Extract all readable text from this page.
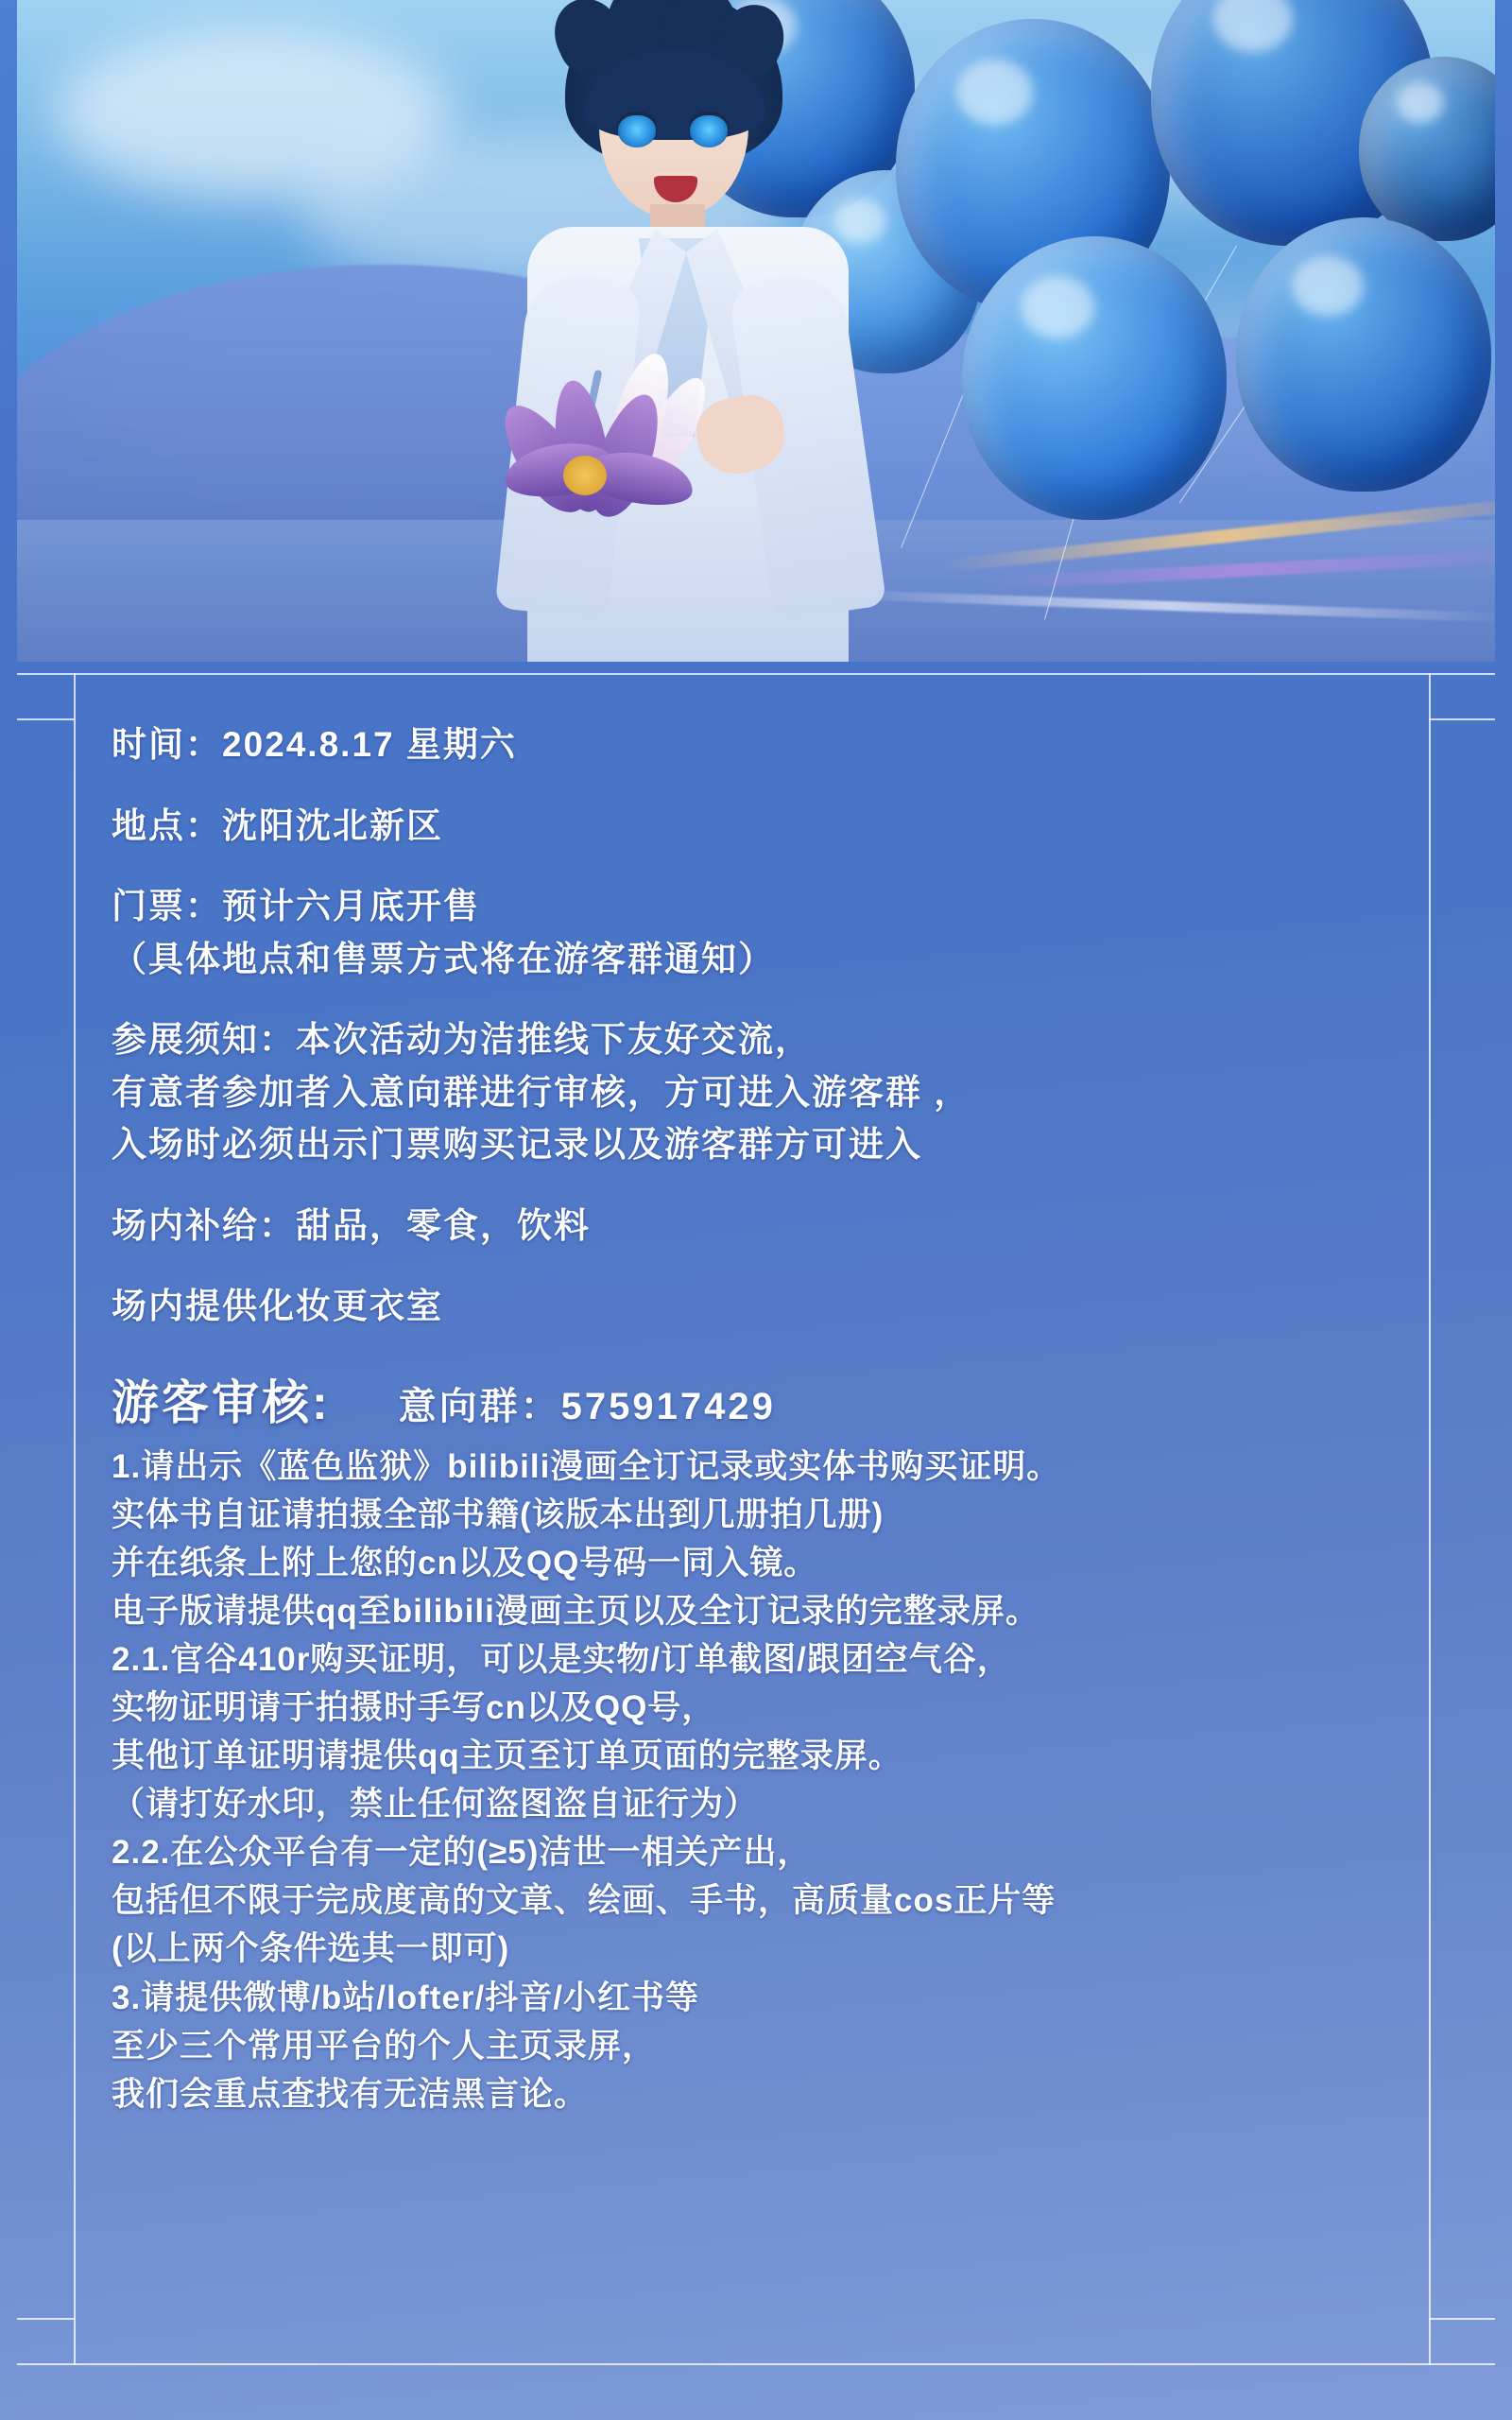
时间：2024.8.17 星期六
地点：沈阳沈北新区
门票：预计六月底开售
（具体地点和售票方式将在游客群通知）
参展须知：本次活动为洁推线下友好交流，
有意者参加者入意向群进行审核，方可进入游客群 ，
入场时必须出示门票购买记录以及游客群方可进入
场内补给：甜品，零食，饮料
场内提供化妆更衣室
游客审核: 意向群：575917429
1.请出示《蓝色监狱》bilibili漫画全订记录或实体书购买证明。
实体书自证请拍摄全部书籍(该版本出到几册拍几册)
并在纸条上附上您的cn以及QQ号码一同入镜。
电子版请提供qq至bilibili漫画主页以及全订记录的完整录屏。
2.1.官谷410r购买证明，可以是实物/订单截图/跟团空气谷，
实物证明请于拍摄时手写cn以及QQ号，
其他订单证明请提供qq主页至订单页面的完整录屏。
（请打好水印，禁止任何盗图盗自证行为）
2.2.在公众平台有一定的(≥5)洁世一相关产出，
包括但不限于完成度高的文章、绘画、手书，高质量cos正片等
(以上两个条件选其一即可)
3.请提供微博/b站/lofter/抖音/小红书等
至少三个常用平台的个人主页录屏，
我们会重点查找有无洁黑言论。
